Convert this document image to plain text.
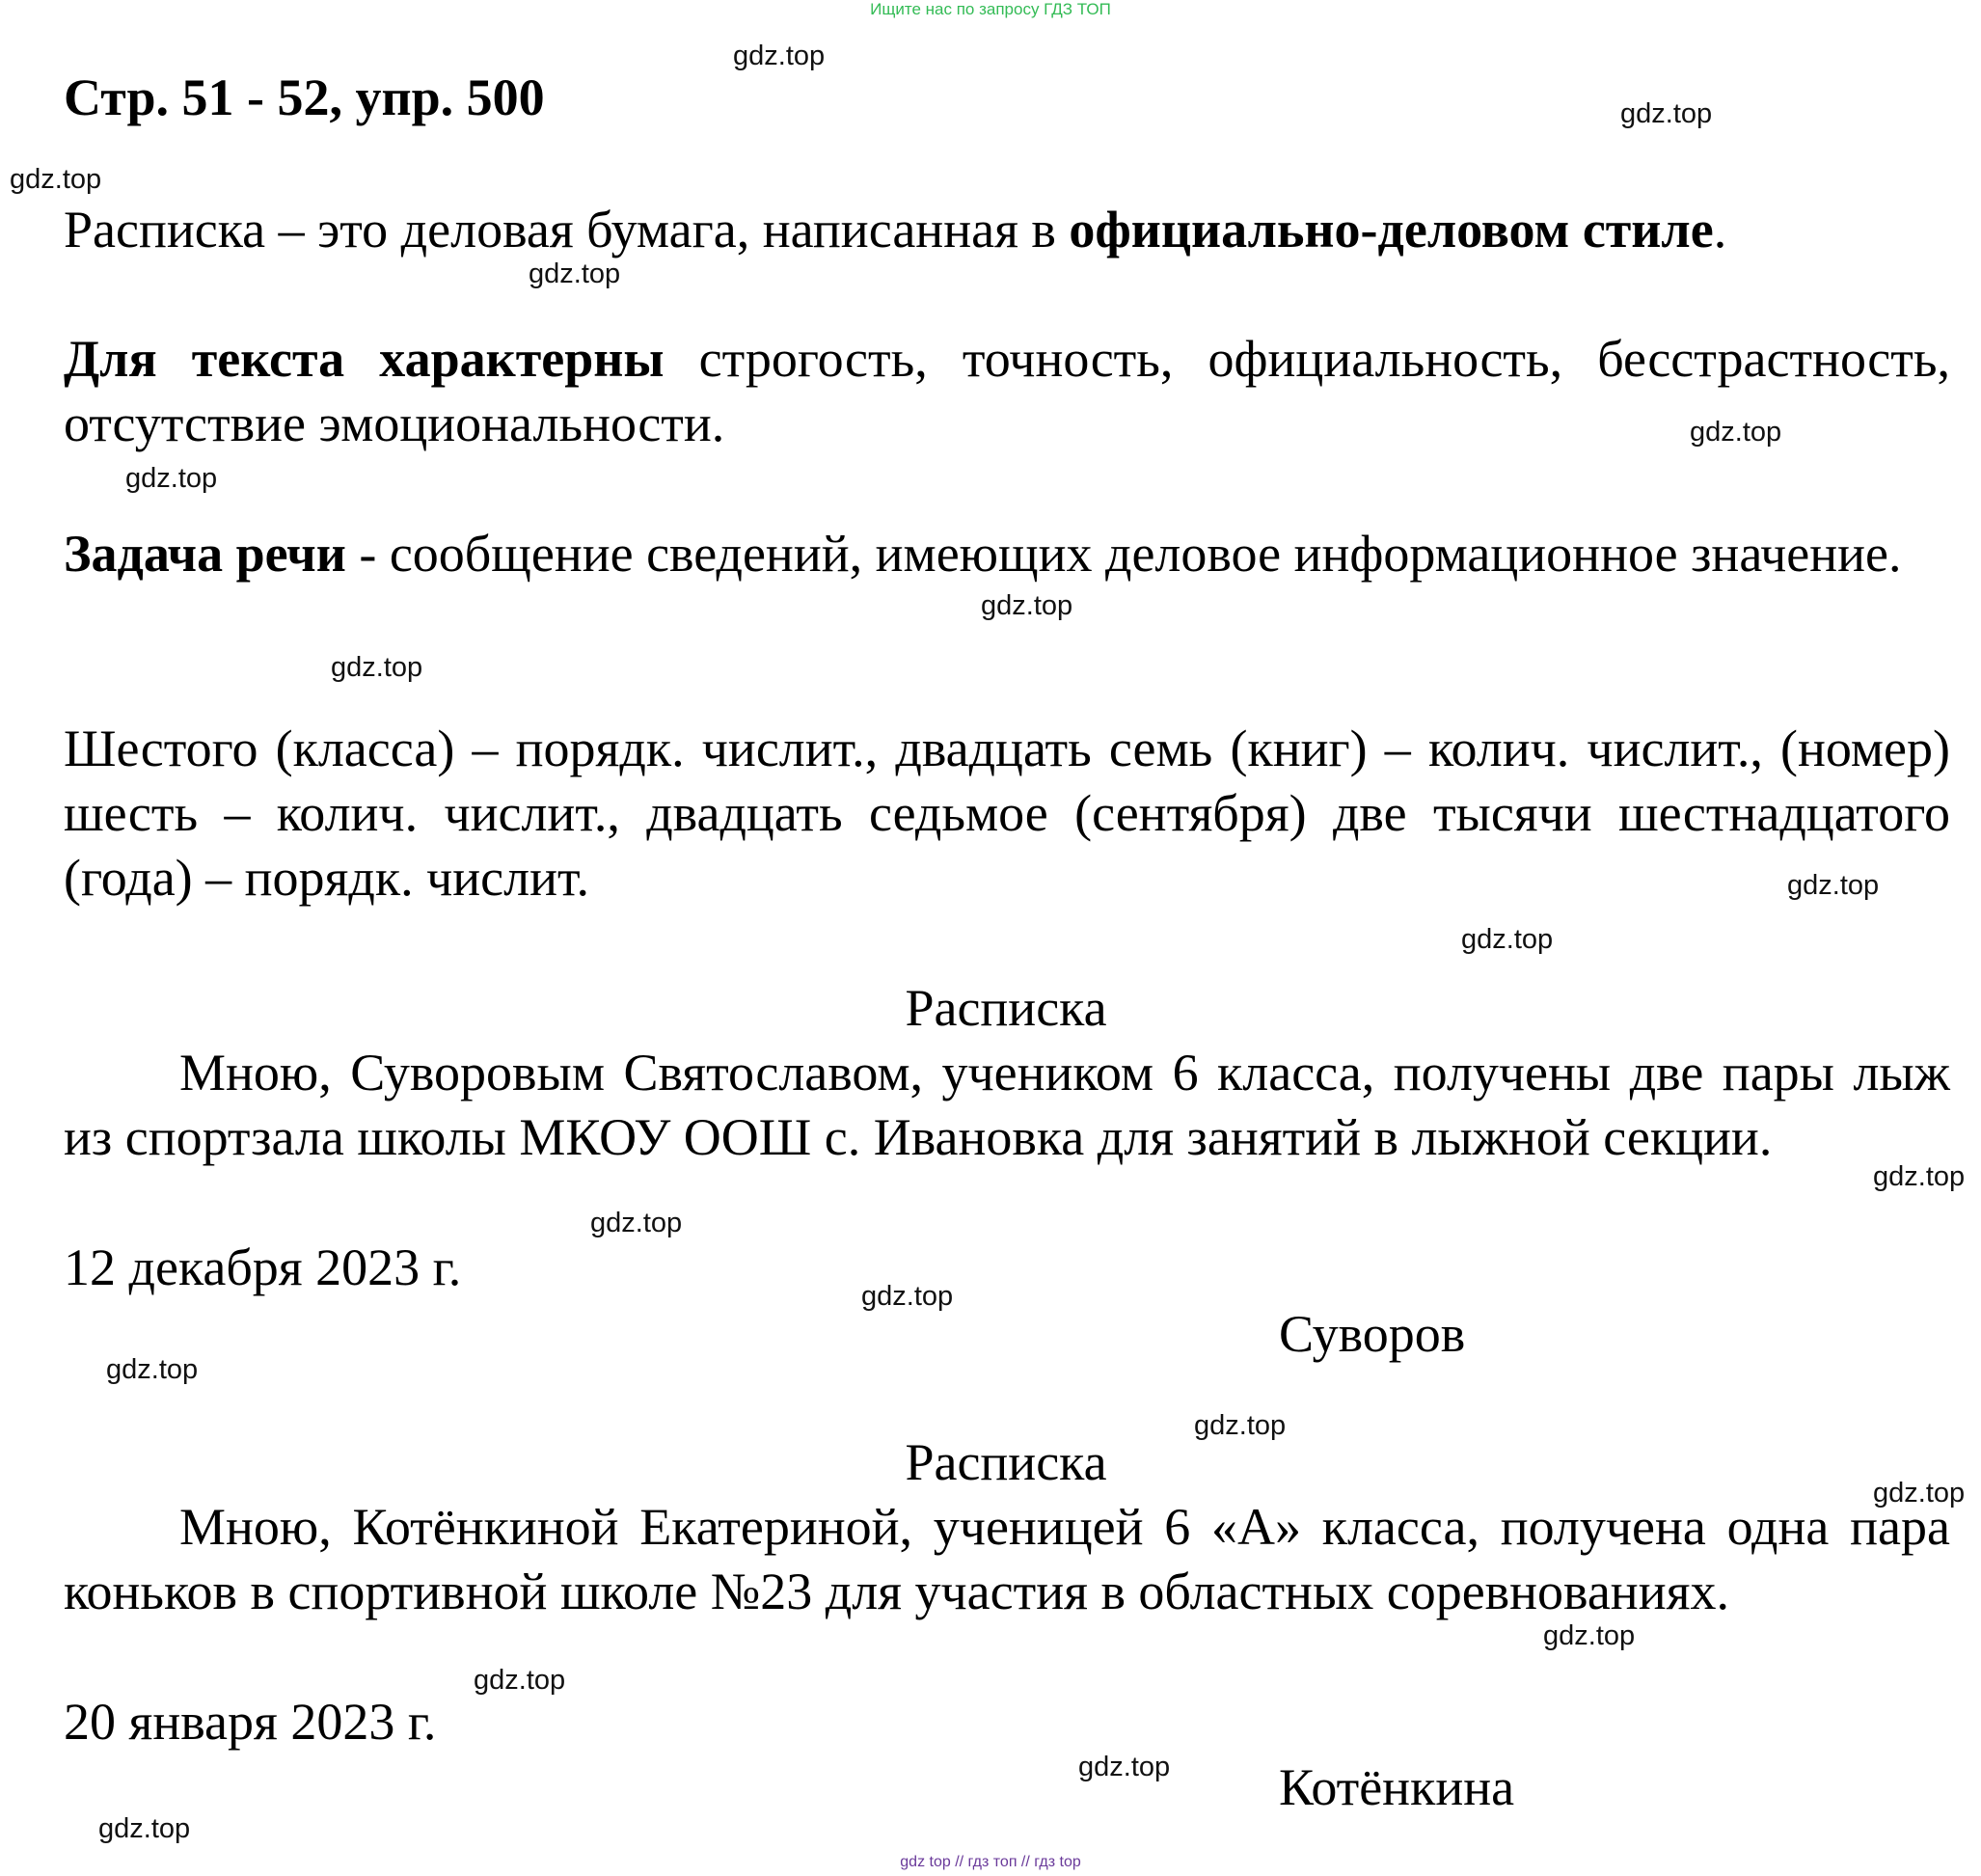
Ищите нас по запросу ГДЗ ТОП
Стр. 51 - 52, упр. 500

Расписка – это деловая бумага, написанная в официально-деловом стиле.

Для текста характерны строгость, точность, официальность, бесстрастность, отсутствие эмоциональности.

Задача речи - сообщение сведений, имеющих деловое информационное значение.

Шестого (класса) – порядк. числит., двадцать семь (книг) – колич. числит., (номер) шесть – колич. числит., двадцать седьмое (сентября) две тысячи шестнадцатого (года) – порядк. числит.

Расписка

Мною, Суворовым Святославом, учеником 6 класса, получены две пары лыж из спортзала школы МКОУ ООШ с. Ивановка для занятий в лыжной секции.

12 декабря 2023 г.

Суворов

Расписка

Мною, Котёнкиной Екатериной, ученицей 6 «А» класса, получена одна пара коньков в спортивной школе №23 для участия в областных соревнованиях.

20 января 2023 г.

Котёнкина

gdz.top
gdz.top
gdz.top
gdz.top
gdz.top
gdz.top
gdz.top
gdz.top
gdz.top
gdz.top
gdz.top
gdz.top
gdz.top
gdz.top
gdz.top
gdz.top
gdz.top
gdz.top
gdz.top
gdz.top
gdz top // гдз топ // гдз top
